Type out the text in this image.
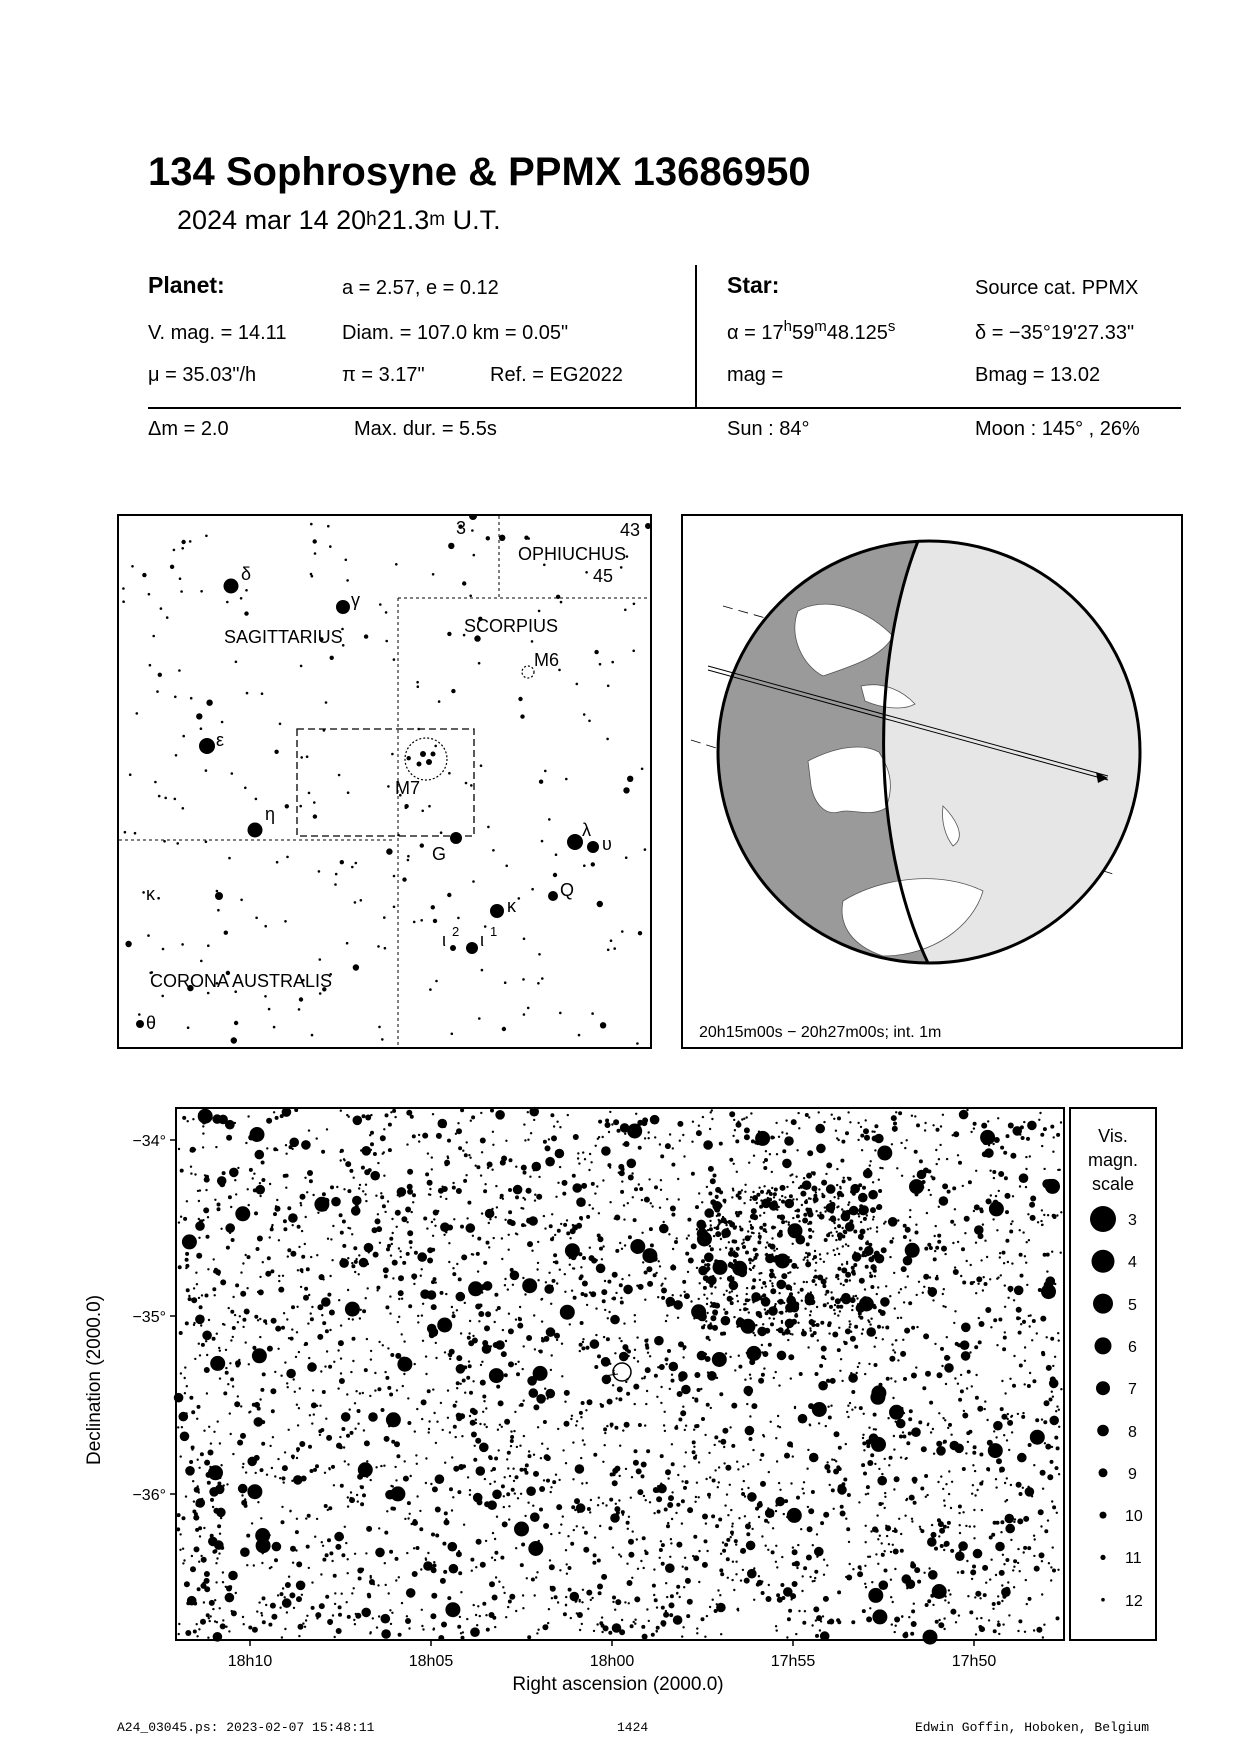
134 Sophrosyne & PPMX 13686950
2024 mar 14 20$^h$21.3$^m$ U.T.
Planet:	a = 2.57, e = 0.12
V. mag. = 14.11	Diam. = 107.0 km = 0.05"
μ = 35.03"/h	π = 3.17"	Ref. = EG2022
Star:	Source cat. PPMX
$\alpha = 17^h59^m48.125^s$	δ = −35°19'27.33"
mag =	Bmag = 13.02
Δm = 2.0	Max. dur. = 5.5s	Sun : 84°	Moon : 145° , 26%
OPHIUCHUS
SAGITTARIUS
SCORPIUS
CORONA AUSTRALIS
3	43
45
δ
γ
M6
ε
M7
η
G
λ
υ
Q
κ
κ
ι 2 ι 1
θ	20h15m00s − 20h27m00s; int. 1m
−34°
−35°
−36°
18h10	18h05	18h00	17h55	17h50
Right ascension (2000.0)
Declination (2000.0)
Vis.
magn.
scale
3
4
5
6
7
8
9
10
11
12
A24_03045.ps: 2023-02-07 15:48:11	1424	Edwin Goffin, Hoboken, Belgium
